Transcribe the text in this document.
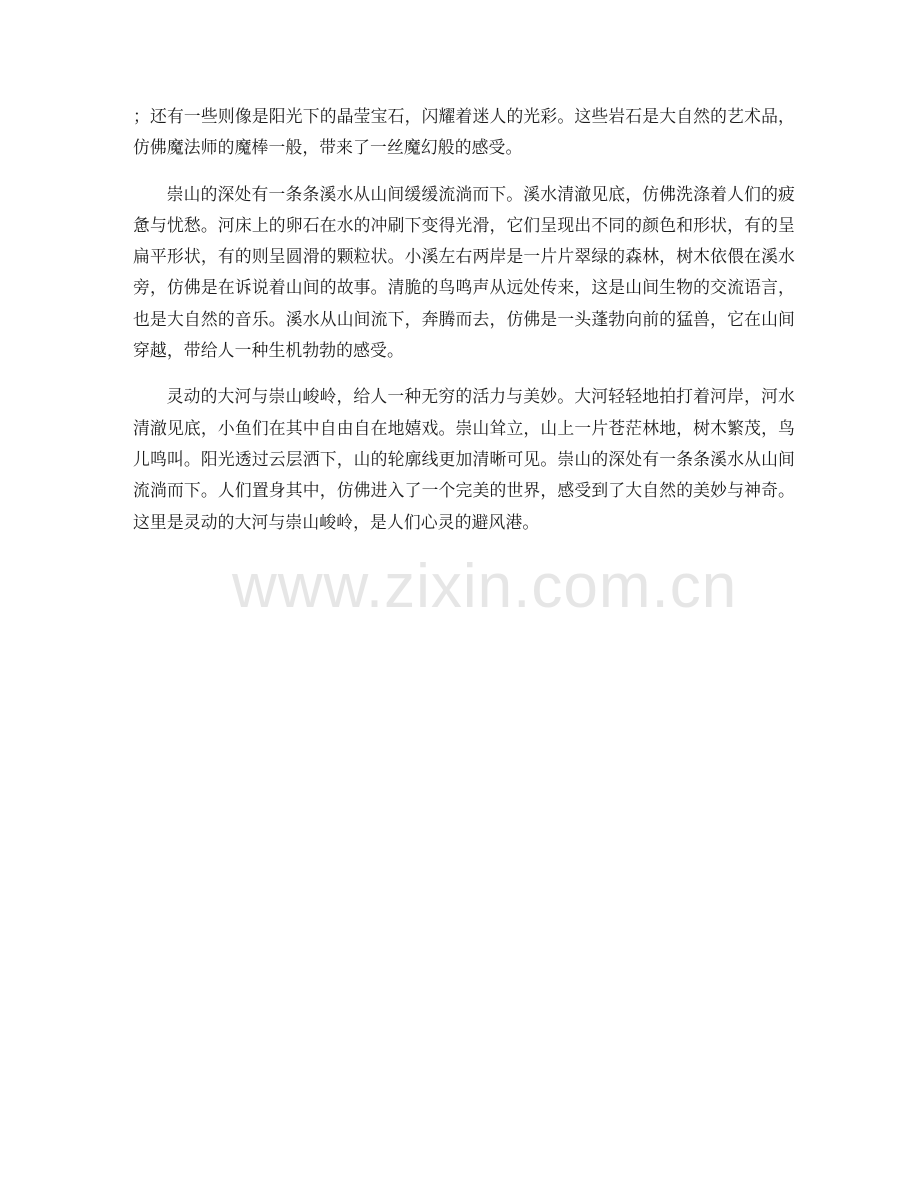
；还有一些则像是阳光下的晶莹宝石，闪耀着迷人的光彩。这些岩石是大自然的艺术品，仿佛魔法师的魔棒一般，带来了一丝魔幻般的感受。

崇山的深处有一条条溪水从山间缓缓流淌而下。溪水清澈见底，仿佛洗涤着人们的疲惫与忧愁。河床上的卵石在水的冲刷下变得光滑，它们呈现出不同的颜色和形状，有的呈扁平形状，有的则呈圆滑的颗粒状。小溪左右两岸是一片片翠绿的森林，树木依偎在溪水旁，仿佛是在诉说着山间的故事。清脆的鸟鸣声从远处传来，这是山间生物的交流语言，也是大自然的音乐。溪水从山间流下，奔腾而去，仿佛是一头蓬勃向前的猛兽，它在山间穿越，带给人一种生机勃勃的感受。

灵动的大河与崇山峻岭，给人一种无穷的活力与美妙。大河轻轻地拍打着河岸，河水清澈见底，小鱼们在其中自由自在地嬉戏。崇山耸立，山上一片苍茫林地，树木繁茂，鸟儿鸣叫。阳光透过云层洒下，山的轮廓线更加清晰可见。崇山的深处有一条条溪水从山间流淌而下。人们置身其中，仿佛进入了一个完美的世界，感受到了大自然的美妙与神奇。这里是灵动的大河与崇山峻岭，是人们心灵的避风港。

www.zixin.com.cn
